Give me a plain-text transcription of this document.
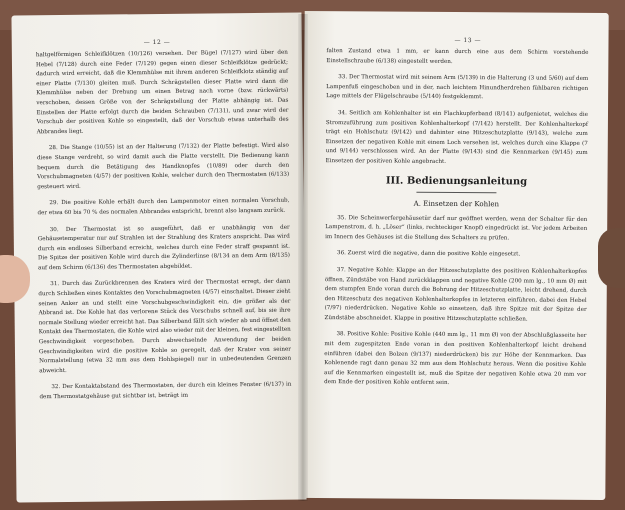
— 12 —

haltgelförmigen Schleifklötzen (10/126) versehen. Der Bügel (7/127) wird über den Hebel (7/128) durch eine Feder (7/129) gegen einen dieser Schleifklötze gedrückt; dadurch wird erreicht, daß die Klemmhülse mit ihrem anderen Schleifklotz ständig auf einer Platte (7/130) gleiten muß. Durch Schrägstellen dieser Platte wird dann die Klemmhülse neben der Drehung um einen Betrag nach vorne (bzw. rückwärts) verschoben, dessen Größe von der Schrägstellung der Platte abhängig ist. Das Einstellen der Platte erfolgt durch die beiden Schrauben (7/131), und zwar wird der Vorschub der positiven Kohle so eingestellt, daß der Vorschub etwas unterhalb des Abbrandes liegt.

28. Die Stange (10/55) ist an der Halterung (7/132) der Platte befestigt. Wird also diese Stange verdreht, so wird damit auch die Platte verstellt. Die Bedienung kann bequem durch die Betätigung des Handknopfes (10/89) oder durch den Vorschubmagneten (4/57) der positiven Kohle, welcher durch den Thermostaten (6/133) gesteuert wird.

29. Die positive Kohle erhält durch den Lampenmotor einen normalen Vorschub, der etwa 60 bis 70 % des normalen Abbrandes entspricht, brennt also langsam zurück.

30. Der Thermostat ist so ausgeführt, daß er unabhängig von der Gehäusetemperatur nur auf Strahlen ist der Strahlung des Kraters anspricht. Das wird durch ein endloses Silberband erreicht, welches durch eine Feder straff gespannt ist. Die Spitze der positiven Kohle wird durch die Zylinderlinse (8/134 an dem Arm (8/135) auf dem Schirm (6/136) des Thermostaten abgebildet.

31. Durch das Zurückbrennen des Kraters wird der Thermostat erregt, der dann durch Schließen eines Kontaktes den Vorschubmagneten (4/57) einschaltet. Dieser zieht seinen Anker an und stellt eine Vorschubgeschwindigkeit ein, die größer als der Abbrand ist. Die Kohle hat das verlorene Stück des Vorschubs schnell auf, bis sie ihre normale Stellung wieder erreicht hat. Das Silberband fällt sich wieder ab und öffnet den Kontakt des Thermostaten, die Kohle wird also wieder mit der kleinen, fest eingestellten Geschwindigkeit vorgeschoben. Durch abwechselnde Anwendung der beiden Geschwindigkeiten wird die positive Kohle so geregelt, daß der Krater von seiner Normalstellung (etwa 32 mm aus dem Hohlspiegel) nur in unbedeutenden Grenzen abweicht.

32. Der Kontaktabstand des Thermostaten, der durch ein kleines Fenster (6/137) in dem Thermostatgehäuse gut sichtbar ist, beträgt im

— 13 —

falten Zustand etwa 1 mm, er kann durch eine aus dem Schirm vorstehende Einstellschraube (6/138) eingestellt werden.

33. Der Thermostat wird mit seinem Arm (5/139) in die Halterung (3 und 5/60) auf dem Lampenfuß eingeschoben und in der, nach leichtem Hinundherdrehen fühlbaren richtigen Lage mittels der Flügelschraube (5/140) festgeklemmt.

34. Seitlich am Kohlenhalter ist ein Flachkupferband (8/141) aufgenietet, welches die Stromzuführung zum positiven Kohlenhalterkopf (7/142) herstellt. Der Kohlenhalterkopf trägt ein Hohlschutz (9/142) und dahinter eine Hitzeschutzplatte (9/143), welche zum Einsetzen der negativen Kohle mit einem Loch versehen ist, welches durch eine Klappe (7 und 9/144) verschlossen wird. An der Platte (9/143) sind die Kennmarken (9/145) zum Einsetzen der positiven Kohle angebracht.

III. Bedienungsanleitung
A. Einsetzen der Kohlen

35. Die Scheinwerfergehäusetür darf nur geöffnet werden, wenn der Schalter für den Lampenstrom, d. h. „Löser“ (links, rechteckiger Knopf) eingedrückt ist. Vor jedem Arbeiten im Innern des Gehäuses ist die Stellung des Schalters zu prüfen.

36. Zuerst wird die negative, dann die positive Kohle eingesetzt.

37. Negative Kohle: Klappe an der Hitzeschutzplatte des positiven Kohlenhalterkopfes öffnen, Zündstäbe von Hand zurückklappen und negative Kohle (200 mm lg., 10 mm Ø) mit dem stumpfen Ende voran durch die Bohrung der Hitzeschutzplatte, leicht drehend, durch den Hitzeschutz des negativen Kohlenhalterkopfes in letzteren einführen, dabei den Hebel (7/97) niederdrücken. Negative Kohle so einsetzen, daß ihre Spitze mit der Spitze der Zündstäbe abschneidet. Klappe in positive Hitzeschutzplatte schließen.

38. Positive Kohle: Positive Kohle (440 mm lg., 11 mm Ø) von der Abschlußglasseite her mit dem zugespitzten Ende voran in den positiven Kohlenhalterkopf leicht drehend einführen (dabei den Bolzen (9/137) niederdrücken) bis zur Höhe der Kennmarken. Das Kohlenende ragt dann genau 32 mm aus dem Hohlschutz heraus. Wenn die positive Kohle auf die Kennmarken eingestellt ist, muß die Spitze der negativen Kohle etwa 20 mm vor dem Ende der positiven Kohle entfernt sein.
